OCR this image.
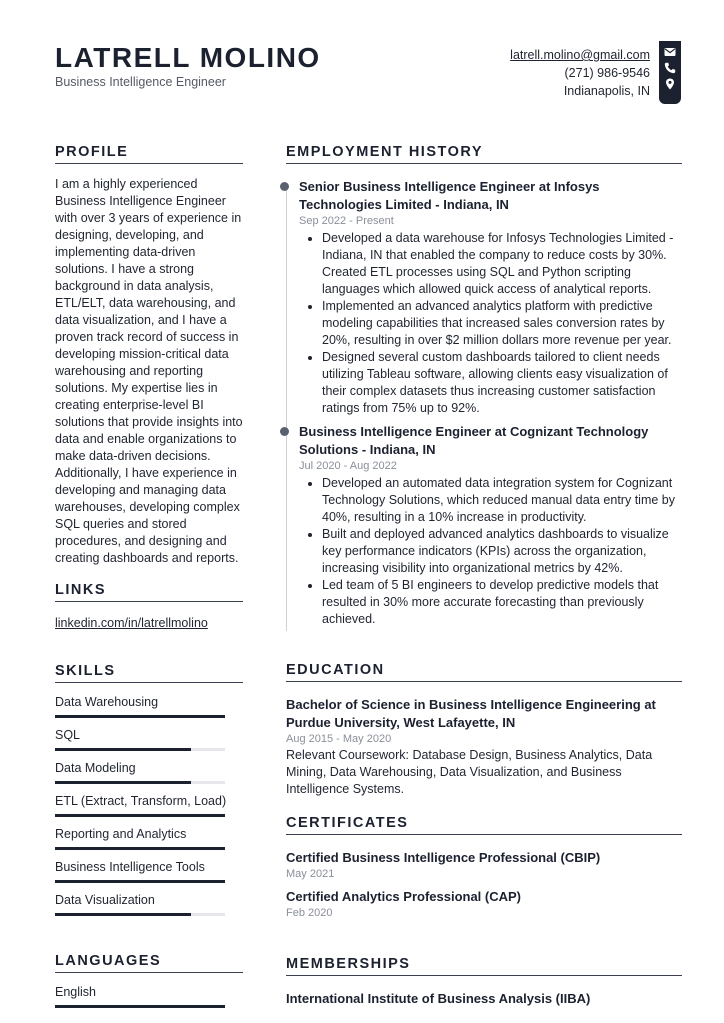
LATRELL MOLINO
Business Intelligence Engineer
latrell.molino@gmail.com
(271) 986-9546
Indianapolis, IN
PROFILE
I am a highly experienced Business Intelligence Engineer with over 3 years of experience in designing, developing, and implementing data-driven solutions. I have a strong background in data analysis, ETL/ELT, data warehousing, and data visualization, and I have a proven track record of success in developing mission-critical data warehousing and reporting solutions. My expertise lies in creating enterprise-level BI solutions that provide insights into data and enable organizations to make data-driven decisions. Additionally, I have experience in developing and managing data warehouses, developing complex SQL queries and stored procedures, and designing and creating dashboards and reports.
LINKS
linkedin.com/in/latrellmolino
SKILLS
Data Warehousing
SQL
Data Modeling
ETL (Extract, Transform, Load)
Reporting and Analytics
Business Intelligence Tools
Data Visualization
LANGUAGES
English
EMPLOYMENT HISTORY
Senior Business Intelligence Engineer at Infosys Technologies Limited - Indiana, IN
Sep 2022 - Present
• Developed a data warehouse for Infosys Technologies Limited - Indiana, IN that enabled the company to reduce costs by 30%. Created ETL processes using SQL and Python scripting languages which allowed quick access of analytical reports.
• Implemented an advanced analytics platform with predictive modeling capabilities that increased sales conversion rates by 20%, resulting in over $2 million dollars more revenue per year.
• Designed several custom dashboards tailored to client needs utilizing Tableau software, allowing clients easy visualization of their complex datasets thus increasing customer satisfaction ratings from 75% up to 92%.
Business Intelligence Engineer at Cognizant Technology Solutions - Indiana, IN
Jul 2020 - Aug 2022
• Developed an automated data integration system for Cognizant Technology Solutions, which reduced manual data entry time by 40%, resulting in a 10% increase in productivity.
• Built and deployed advanced analytics dashboards to visualize key performance indicators (KPIs) across the organization, increasing visibility into organizational metrics by 42%.
• Led team of 5 BI engineers to develop predictive models that resulted in 30% more accurate forecasting than previously achieved.
EDUCATION
Bachelor of Science in Business Intelligence Engineering at Purdue University, West Lafayette, IN
Aug 2015 - May 2020
Relevant Coursework: Database Design, Business Analytics, Data Mining, Data Warehousing, Data Visualization, and Business Intelligence Systems.
CERTIFICATES
Certified Business Intelligence Professional (CBIP)
May 2021
Certified Analytics Professional (CAP)
Feb 2020
MEMBERSHIPS
International Institute of Business Analysis (IIBA)
